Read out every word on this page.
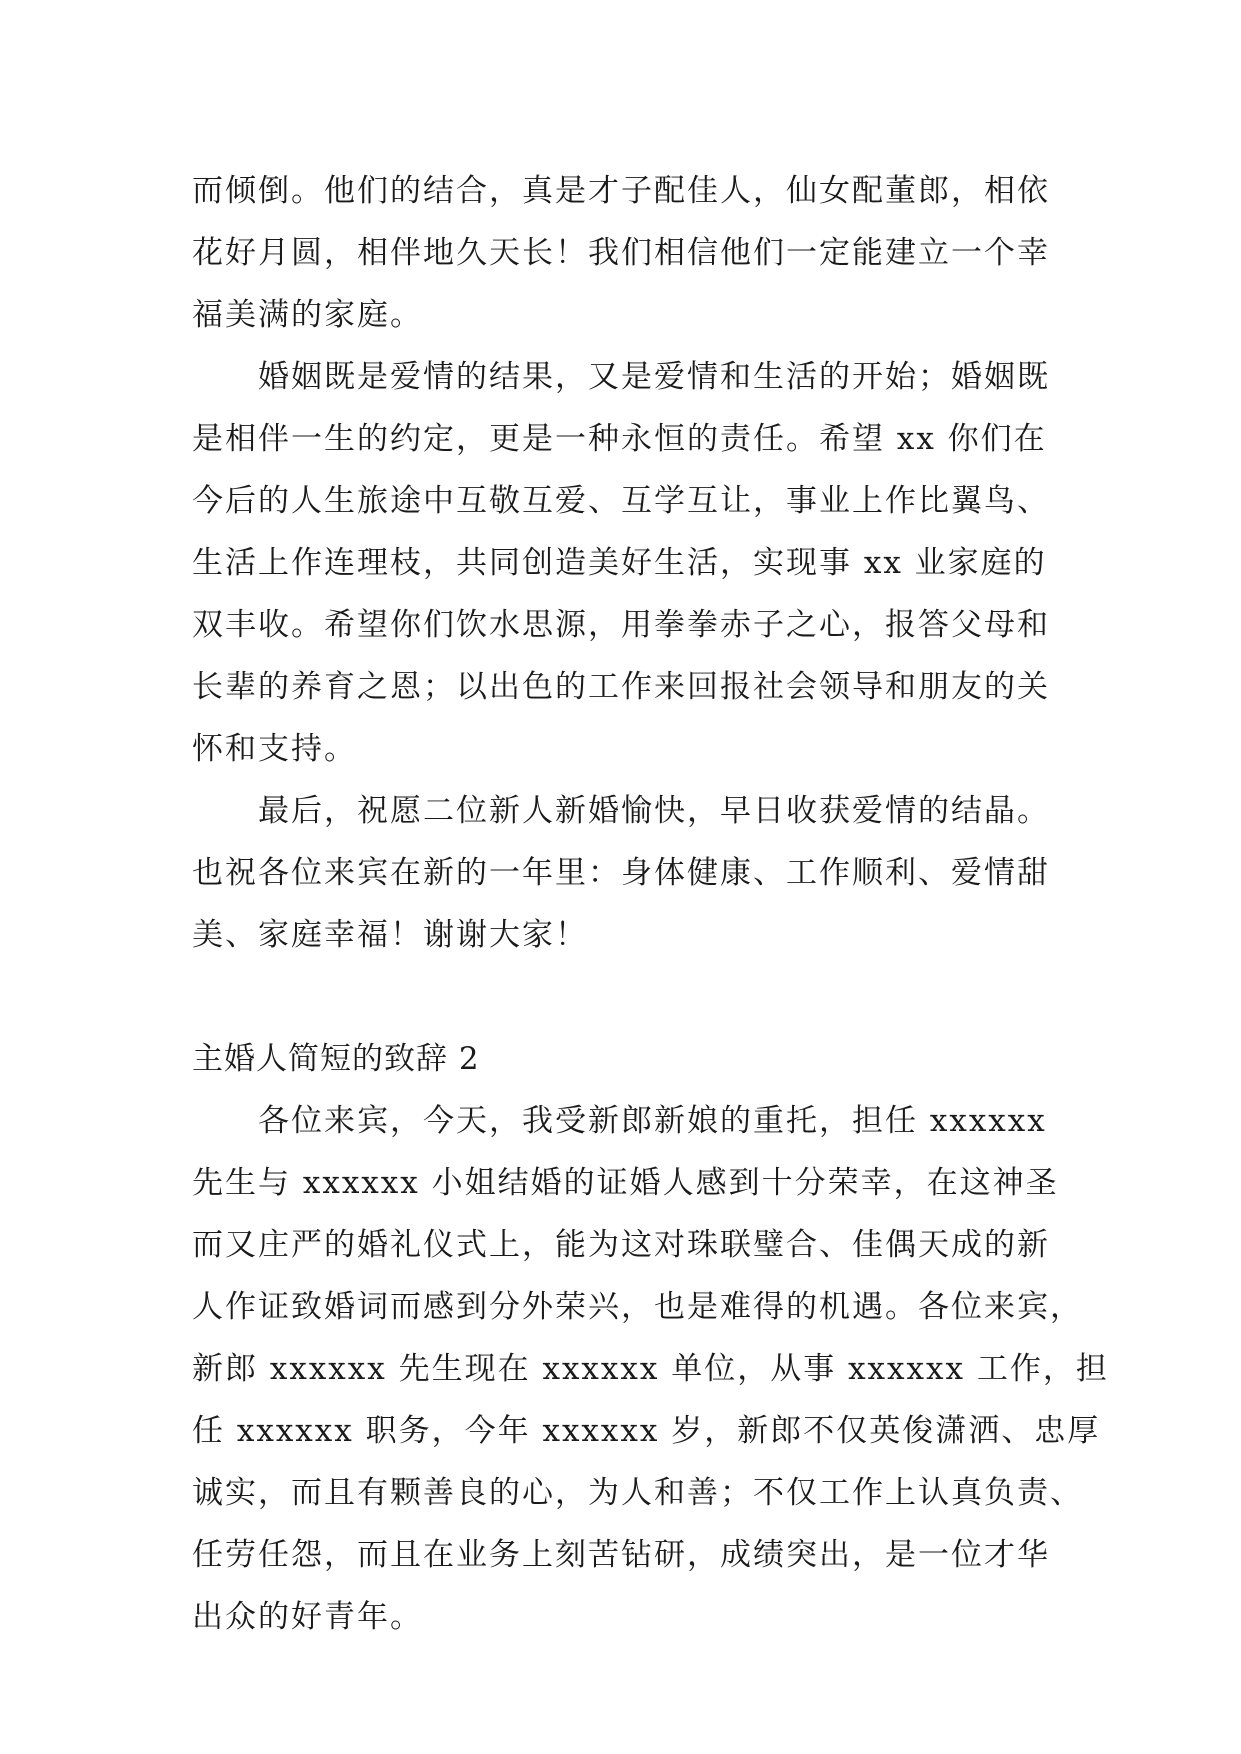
而倾倒。他们的结合，真是才子配佳人，仙女配董郎，相依
花好月圆，相伴地久天长！我们相信他们一定能建立一个幸
福美满的家庭。
婚姻既是爱情的结果，又是爱情和生活的开始；婚姻既
是相伴一生的约定，更是一种永恒的责任。希望 xx 你们在
今后的人生旅途中互敬互爱、互学互让，事业上作比翼鸟、
生活上作连理枝，共同创造美好生活，实现事 xx 业家庭的
双丰收。希望你们饮水思源，用拳拳赤子之心，报答父母和
长辈的养育之恩；以出色的工作来回报社会领导和朋友的关
怀和支持。
最后，祝愿二位新人新婚愉快，早日收获爱情的结晶。
也祝各位来宾在新的一年里：身体健康、工作顺利、爱情甜
美、家庭幸福！谢谢大家！
主婚人简短的致辞 2
各位来宾，今天，我受新郎新娘的重托，担任 xxxxxx
先生与 xxxxxx 小姐结婚的证婚人感到十分荣幸，在这神圣
而又庄严的婚礼仪式上，能为这对珠联璧合、佳偶天成的新
人作证致婚词而感到分外荣兴，也是难得的机遇。各位来宾，
新郎 xxxxxx 先生现在 xxxxxx 单位，从事 xxxxxx 工作，担
任 xxxxxx 职务，今年 xxxxxx 岁，新郎不仅英俊潇洒、忠厚
诚实，而且有颗善良的心，为人和善；不仅工作上认真负责、
任劳任怨，而且在业务上刻苦钻研，成绩突出，是一位才华
出众的好青年。
